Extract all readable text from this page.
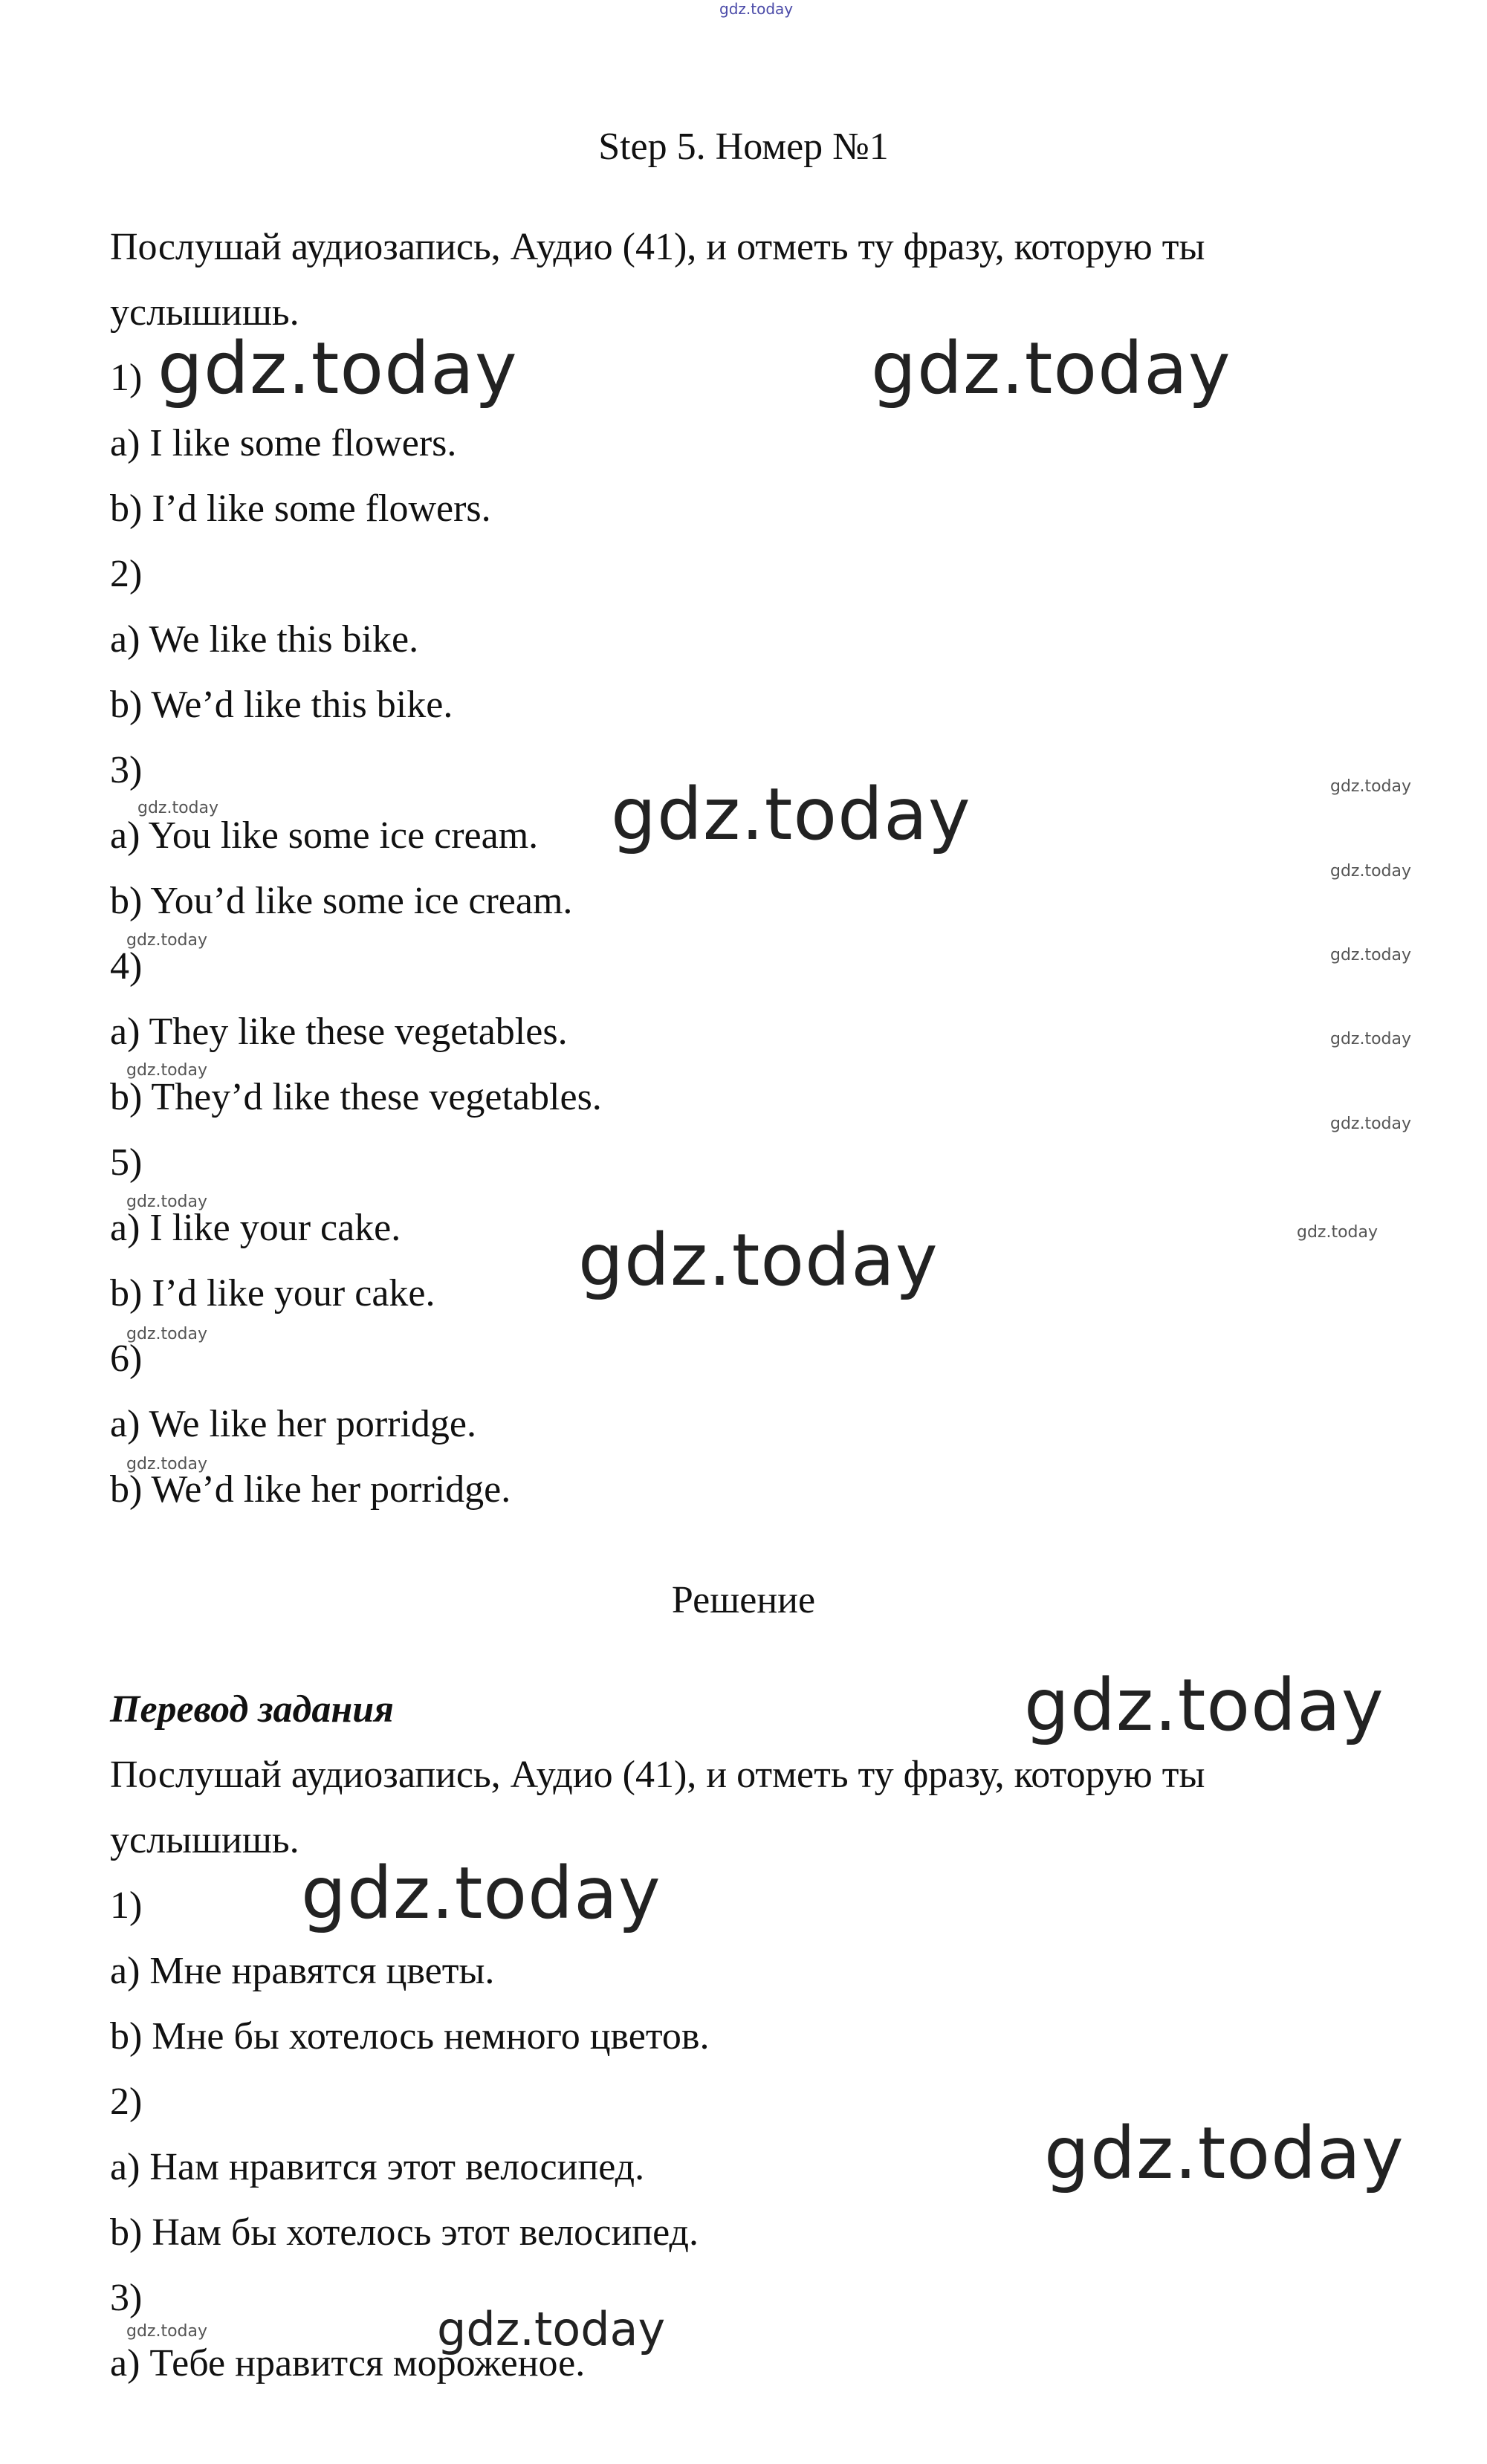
Step 5. Номер №1
Послушай аудиозапись, Аудио (41), и отметь ту фразу, которую ты
услышишь.
1)
a) I like some flowers.
b) I’d like some flowers.
2)
a) We like this bike.
b) We’d like this bike.
3)
a) You like some ice cream.
b) You’d like some ice cream.
4)
a) They like these vegetables.
b) They’d like these vegetables.
5)
a) I like your cake.
b) I’d like your cake.
6)
a) We like her porridge.
b) We’d like her porridge.
Решение
Перевод задания
Послушай аудиозапись, Аудио (41), и отметь ту фразу, которую ты
услышишь.
1)
a) Мне нравятся цветы.
b) Мне бы хотелось немного цветов.
2)
a) Нам нравится этот велосипед.
b) Нам бы хотелось этот велосипед.
3)
a) Тебе нравится мороженое.
gdz.today
gdz.today	gdz.today
gdz.today
gdz.today
gdz.today
gdz.today
gdz.today
gdz.today
gdz.today
gdz.today
gdz.today
gdz.today
gdz.today
gdz.today
gdz.today
gdz.today
gdz.today
gdz.today
gdz.today
gdz.today
gdz.today
